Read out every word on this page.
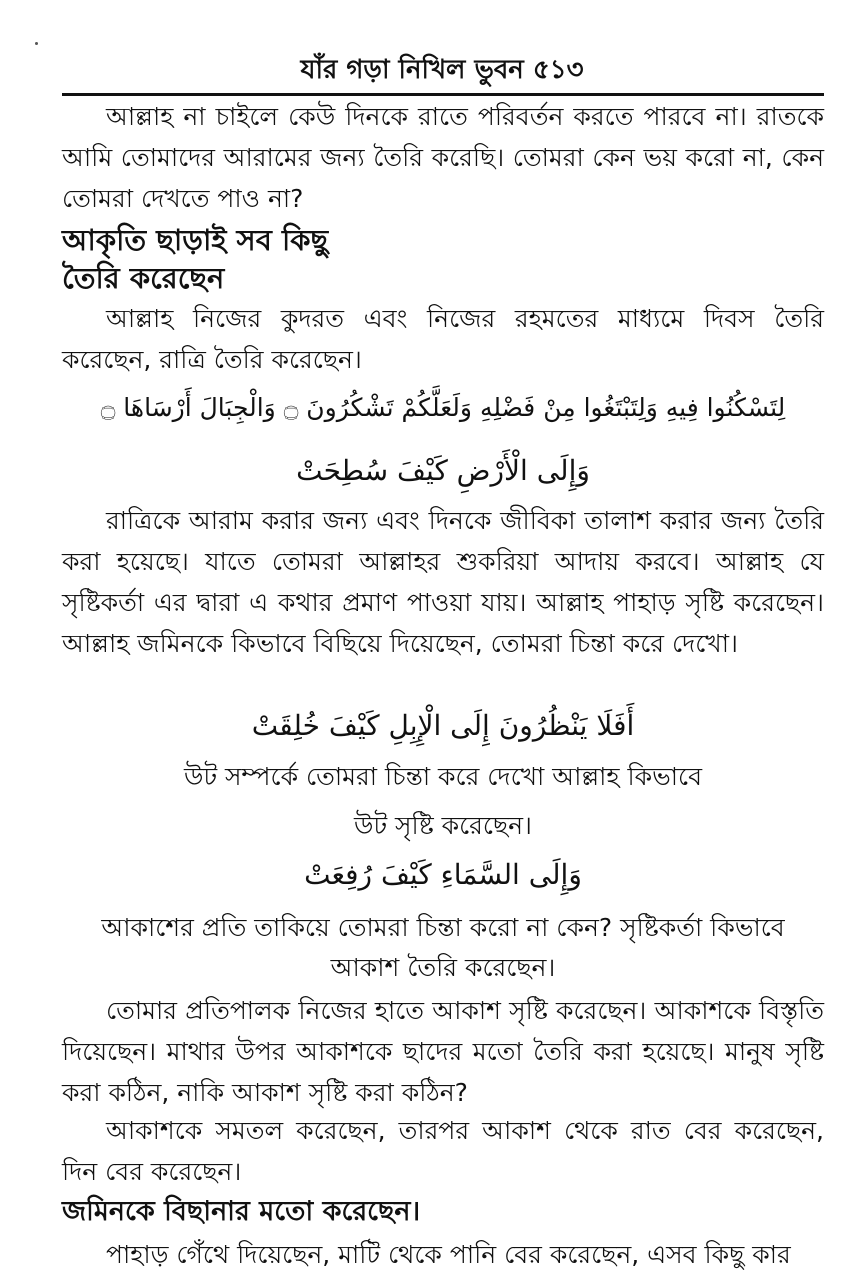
যাঁর গড়া নিখিল ভুবন ৫১৩
আল্লাহ না চাইলে কেউ দিনকে রাতে পরিবর্তন করতে পারবে না। রাতকে আমি তোমাদের আরামের জন্য তৈরি করেছি। তোমরা কেন ভয় করো না, কেন তোমরা দেখতে পাও না?
আকৃতি ছাড়াই সব কিছু
তৈরি করেছেন
আল্লাহ নিজের কুদরত এবং নিজের রহমতের মাধ্যমে দিবস তৈরি করেছেন, রাত্রি তৈরি করেছেন।
لِتَسْكُنُوا فِيهِ وَلِتَبْتَغُوا مِنْ فَضْلِهِ وَلَعَلَّكُمْ تَشْكُرُونَ ۝ وَالْجِبَالَ أَرْسَاهَا ۝
وَإِلَى الْأَرْضِ كَيْفَ سُطِحَتْ
রাত্রিকে আরাম করার জন্য এবং দিনকে জীবিকা তালাশ করার জন্য তৈরি করা হয়েছে। যাতে তোমরা আল্লাহর শুকরিয়া আদায় করবে। আল্লাহ যে সৃষ্টিকর্তা এর দ্বারা এ কথার প্রমাণ পাওয়া যায়। আল্লাহ পাহাড় সৃষ্টি করেছেন। আল্লাহ জমিনকে কিভাবে বিছিয়ে দিয়েছেন, তোমরা চিন্তা করে দেখো।
أَفَلَا يَنْظُرُونَ إِلَى الْإِبِلِ كَيْفَ خُلِقَتْ
উট সম্পর্কে তোমরা চিন্তা করে দেখো আল্লাহ কিভাবে
উট সৃষ্টি করেছেন।
وَإِلَى السَّمَاءِ كَيْفَ رُفِعَتْ
আকাশের প্রতি তাকিয়ে তোমরা চিন্তা করো না কেন? সৃষ্টিকর্তা কিভাবে
আকাশ তৈরি করেছেন।
তোমার প্রতিপালক নিজের হাতে আকাশ সৃষ্টি করেছেন। আকাশকে বিস্তৃতি দিয়েছেন। মাথার উপর আকাশকে ছাদের মতো তৈরি করা হয়েছে। মানুষ সৃষ্টি করা কঠিন, নাকি আকাশ সৃষ্টি করা কঠিন?
আকাশকে সমতল করেছেন, তারপর আকাশ থেকে রাত বের করেছেন, দিন বের করেছেন।
জমিনকে বিছানার মতো করেছেন।
পাহাড় গেঁথে দিয়েছেন, মাটি থেকে পানি বের করেছেন, এসব কিছু কার
